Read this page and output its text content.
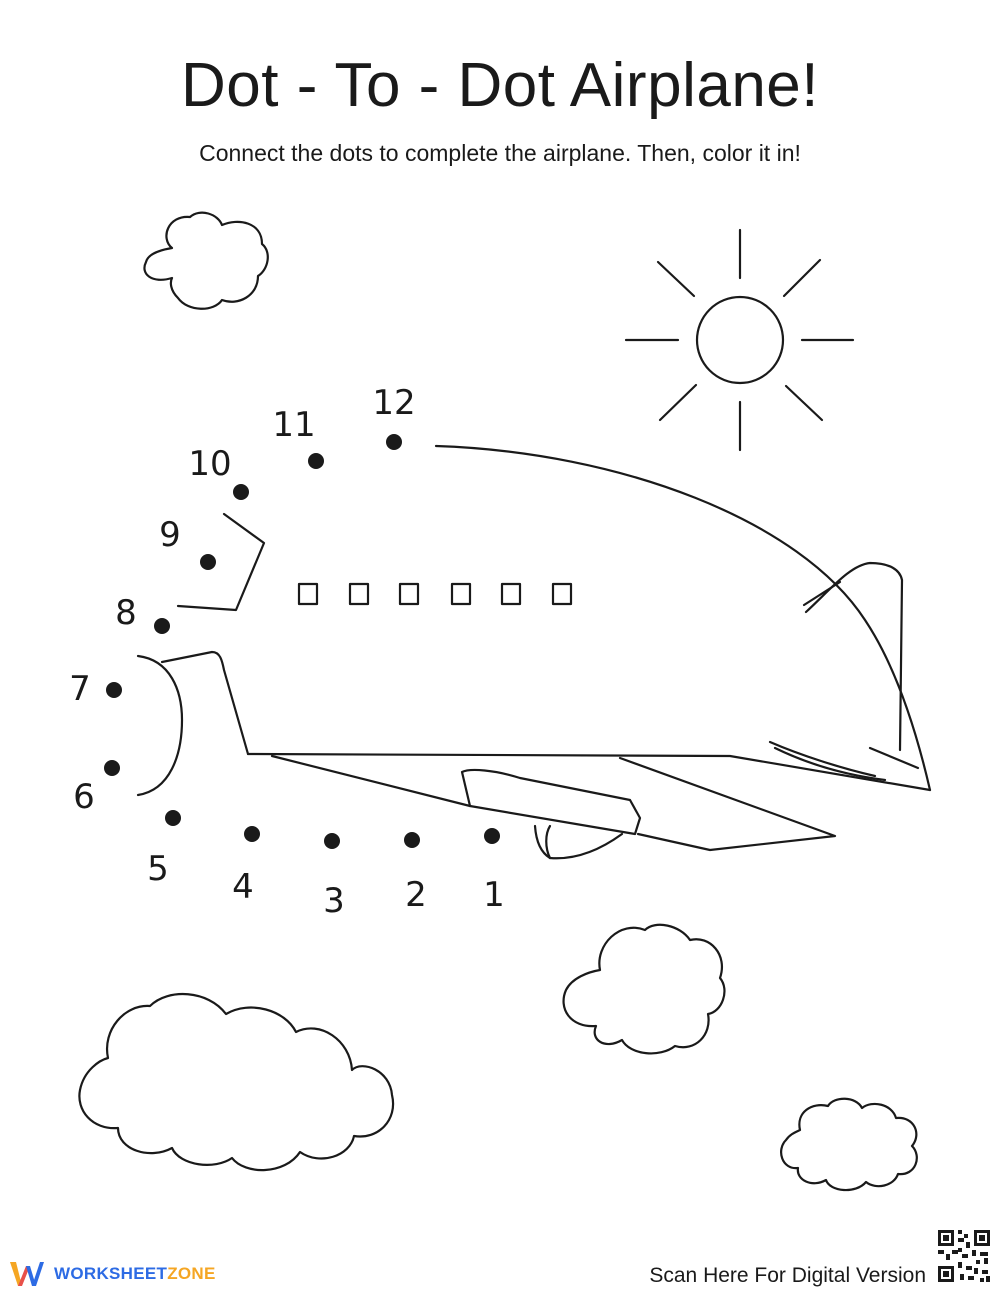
Dot - To - Dot Airplane!

Connect the dots to complete the airplane. Then, color it in!

1
2
3
4
5
6
7
8
9
10
11
12
WORKSHEETZONE	Scan Here For Digital Version
